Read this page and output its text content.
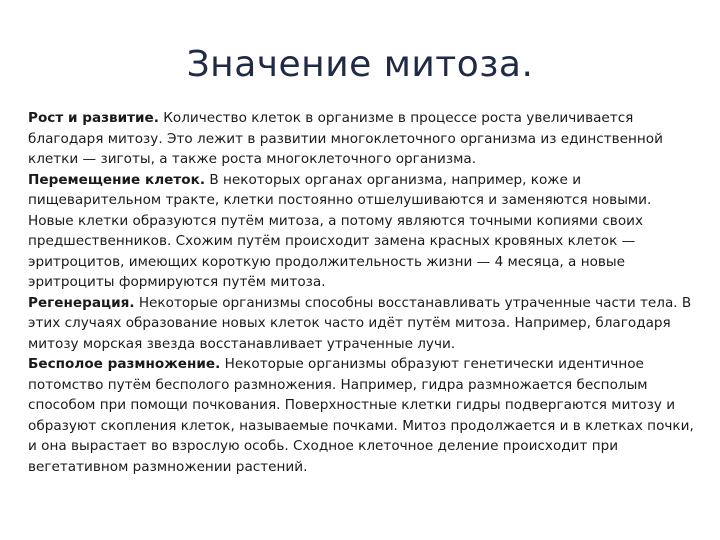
Значение митоза.

Рост и развитие. Количество клеток в организме в процессе роста увеличивается благодаря митозу. Это лежит в развитии многоклеточного организма из единственной клетки — зиготы, а также роста многоклеточного организма.

Перемещение клеток. В некоторых органах организма, например, коже и пищеварительном тракте, клетки постоянно отшелушиваются и заменяются новыми. Новые клетки образуются путём митоза, а потому являются точными копиями своих предшественников. Схожим путём происходит замена красных кровяных клеток — эритроцитов, имеющих короткую продолжительность жизни — 4 месяца, а новые эритроциты формируются путём митоза.

Регенерация. Некоторые организмы способны восстанавливать утраченные части тела. В этих случаях образование новых клеток часто идёт путём митоза. Например, благодаря митозу морская звезда восстанавливает утраченные лучи.

Бесполое размножение. Некоторые организмы образуют генетически идентичное потомство путём бесполого размножения. Например, гидра размножается бесполым способом при помощи почкования. Поверхностные клетки гидры подвергаются митозу и образуют скопления клеток, называемые почками. Митоз продолжается и в клетках почки, и она вырастает во взрослую особь. Сходное клеточное деление происходит при вегетативном размножении растений.
